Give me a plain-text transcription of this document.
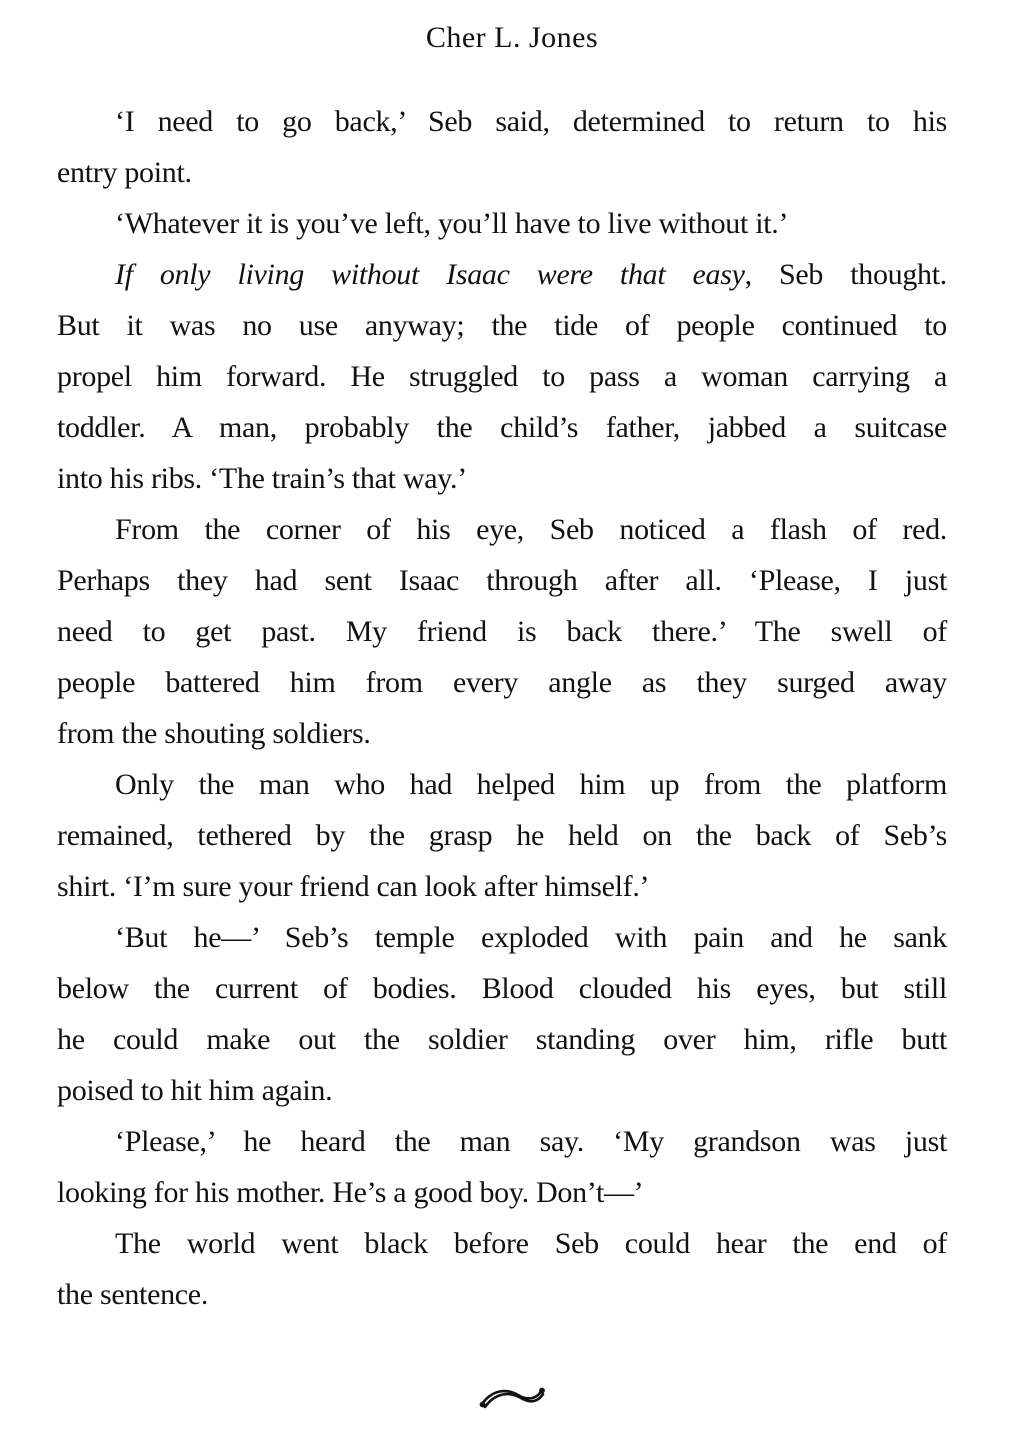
Cher L. Jones
‘I need to go back,’ Seb said, determined to return to his
entry point.
‘Whatever it is you’ve left, you’ll have to live without it.’
If only living without Isaac were that easy, Seb thought.
But it was no use anyway; the tide of people continued to
propel him forward. He struggled to pass a woman carrying a
toddler. A man, probably the child’s father, jabbed a suitcase
into his ribs. ‘The train’s that way.’
From the corner of his eye, Seb noticed a flash of red.
Perhaps they had sent Isaac through after all. ‘Please, I just
need to get past. My friend is back there.’ The swell of
people battered him from every angle as they surged away
from the shouting soldiers.
Only the man who had helped him up from the platform
remained, tethered by the grasp he held on the back of Seb’s
shirt. ‘I’m sure your friend can look after himself.’
‘But he—’ Seb’s temple exploded with pain and he sank
below the current of bodies. Blood clouded his eyes, but still
he could make out the soldier standing over him, rifle butt
poised to hit him again.
‘Please,’ he heard the man say. ‘My grandson was just
looking for his mother. He’s a good boy. Don’t—’
The world went black before Seb could hear the end of
the sentence.
